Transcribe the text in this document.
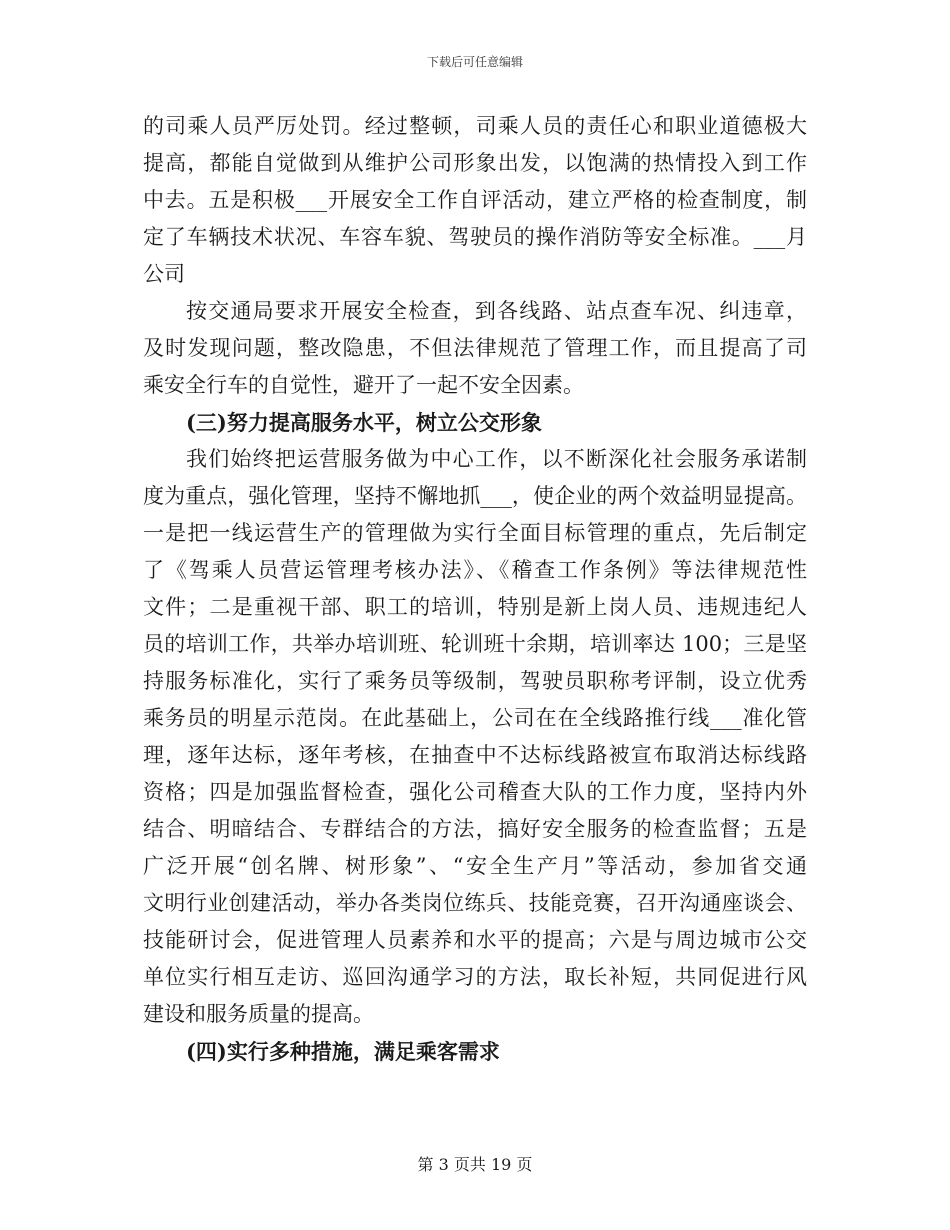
下载后可任意编辑
的司乘人员严厉处罚。经过整顿，司乘人员的责任心和职业道德极大
提高，都能自觉做到从维护公司形象出发，以饱满的热情投入到工作
中去。五是积极___开展安全工作自评活动，建立严格的检查制度，制
定了车辆技术状况、车容车貌、驾驶员的操作消防等安全标准。___月
公司
按交通局要求开展安全检查，到各线路、站点查车况、纠违章，
及时发现问题，整改隐患，不但法律规范了管理工作，而且提高了司
乘安全行车的自觉性，避开了一起不安全因素。
(三)努力提高服务水平，树立公交形象
我们始终把运营服务做为中心工作，以不断深化社会服务承诺制
度为重点，强化管理，坚持不懈地抓___，使企业的两个效益明显提高。
一是把一线运营生产的管理做为实行全面目标管理的重点，先后制定
了《驾乘人员营运管理考核办法》、《稽查工作条例》等法律规范性
文件；二是重视干部、职工的培训，特别是新上岗人员、违规违纪人
员的培训工作，共举办培训班、轮训班十余期，培训率达 100；三是坚
持服务标准化，实行了乘务员等级制，驾驶员职称考评制，设立优秀
乘务员的明星示范岗。在此基础上，公司在在全线路推行线___准化管
理，逐年达标，逐年考核，在抽查中不达标线路被宣布取消达标线路
资格；四是加强监督检查，强化公司稽查大队的工作力度，坚持内外
结合、明暗结合、专群结合的方法，搞好安全服务的检查监督；五是
广泛开展“创名牌、树形象”、“安全生产月”等活动，参加省交通
文明行业创建活动，举办各类岗位练兵、技能竞赛，召开沟通座谈会、
技能研讨会，促进管理人员素养和水平的提高；六是与周边城市公交
单位实行相互走访、巡回沟通学习的方法，取长补短，共同促进行风
建设和服务质量的提高。
(四)实行多种措施，满足乘客需求
第 3 页共 19 页
